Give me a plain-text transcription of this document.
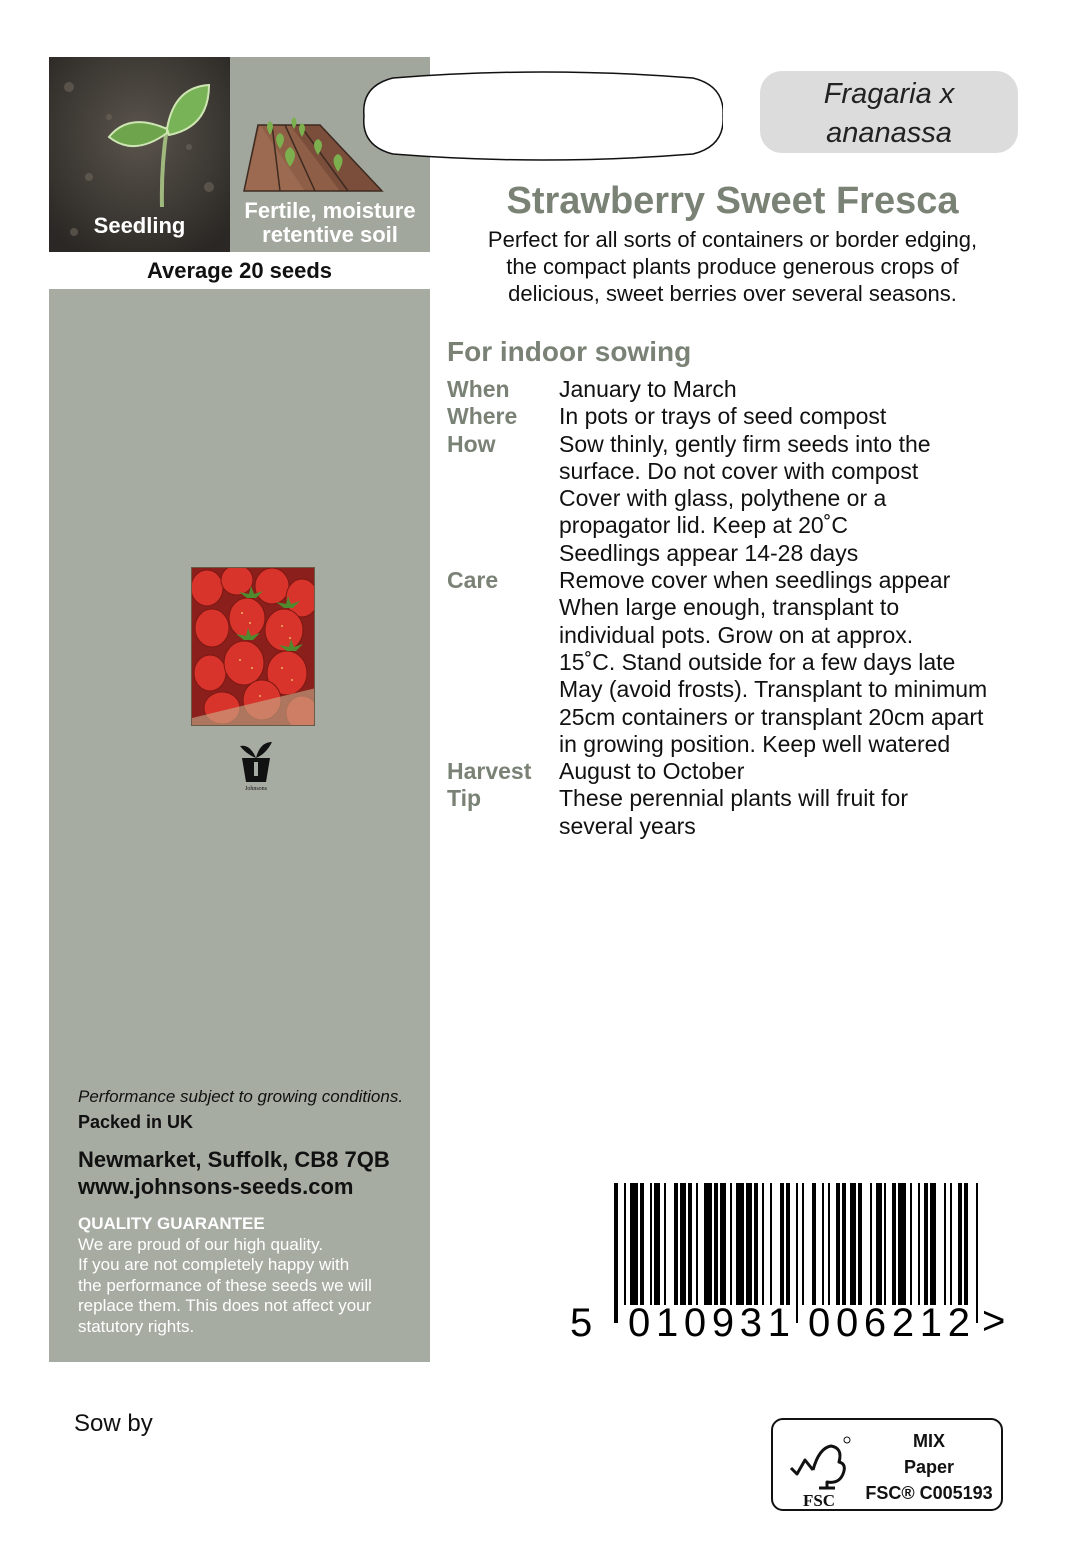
Seedling
Fertile, moisture
retentive soil
Average 20 seeds
Johnsons
Performance subject to growing conditions.
Packed in UK
Newmarket, Suffolk, CB8 7QB
www.johnsons-seeds.com
QUALITY GUARANTEE
We are proud of our high quality.
If you are not completely happy with
the performance of these seeds we will
replace them. This does not affect your
statutory rights.
Sow by
Fragaria x
ananassa
Strawberry Sweet Fresca
Perfect for all sorts of containers or border edging,
the compact plants produce generous crops of
delicious, sweet berries over several seasons.
For indoor sowing
When	January to March
Where	In pots or trays of seed compost
How	Sow thinly, gently firm seeds into the
surface. Do not cover with compost
Cover with glass, polythene or a
propagator lid. Keep at 20˚C
Seedlings appear 14-28 days
Care	Remove cover when seedlings appear
When large enough, transplant to
individual pots. Grow on at approx.
15˚C. Stand outside for a few days late
May (avoid frosts). Transplant to minimum
25cm containers or transplant 20cm apart
in growing position. Keep well watered
Harvest	August to October
Tip	These perennial plants will fruit for
several years
5 010931 006212 >
FSC
MIX
Paper
FSC® C005193
